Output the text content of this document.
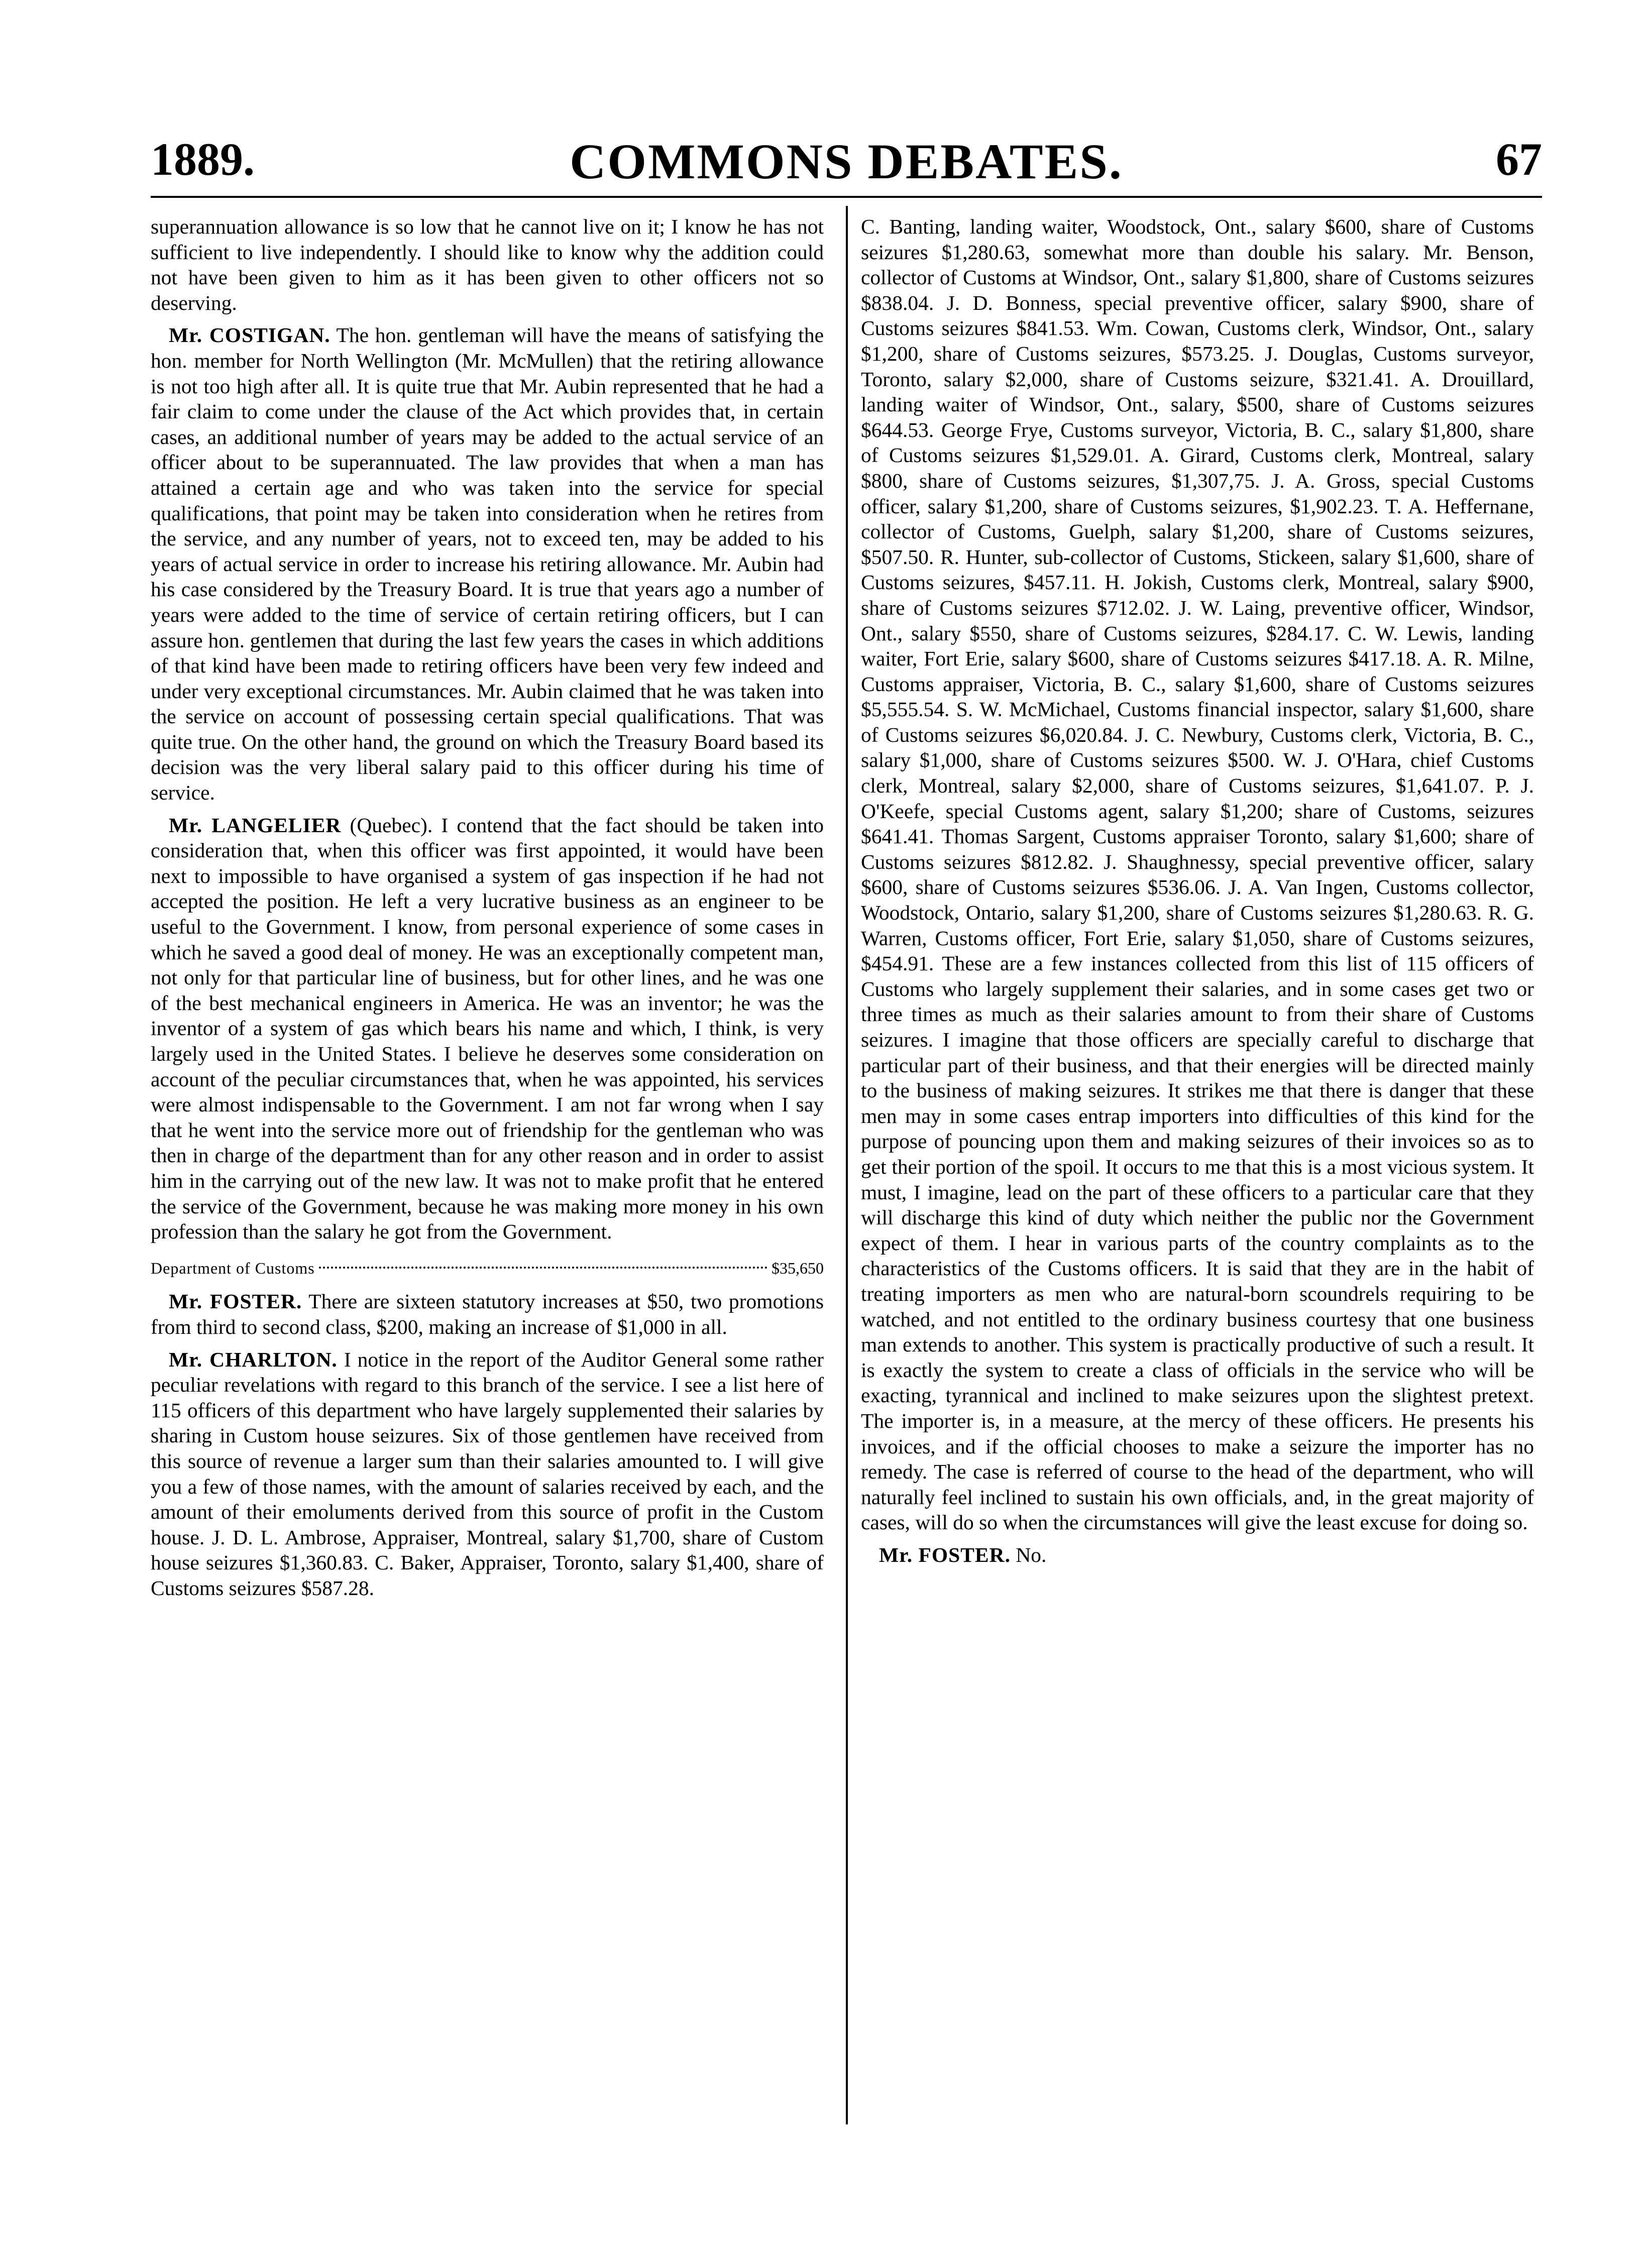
1889.	COMMONS DEBATES.	67

superannuation allowance is so low that he cannot live on it; I know he has not sufficient to live independently. I should like to know why the addition could not have been given to him as it has been given to other officers not so deserving.

Mr. COSTIGAN. The hon. gentleman will have the means of satisfying the hon. member for North Wellington (Mr. McMullen) that the retiring allowance is not too high after all. It is quite true that Mr. Aubin represented that he had a fair claim to come under the clause of the Act which provides that, in certain cases, an additional number of years may be added to the actual service of an officer about to be superannuated. The law provides that when a man has attained a certain age and who was taken into the service for special qualifications, that point may be taken into consideration when he retires from the service, and any number of years, not to exceed ten, may be added to his years of actual service in order to increase his retiring allowance. Mr. Aubin had his case considered by the Treasury Board. It is true that years ago a number of years were added to the time of service of certain retiring officers, but I can assure hon. gentlemen that during the last few years the cases in which additions of that kind have been made to retiring officers have been very few indeed and under very exceptional circumstances. Mr. Aubin claimed that he was taken into the service on account of possessing certain special qualifications. That was quite true. On the other hand, the ground on which the Treasury Board based its decision was the very liberal salary paid to this officer during his time of service.

Mr. LANGELIER (Quebec). I contend that the fact should be taken into consideration that, when this officer was first appointed, it would have been next to impossible to have organised a system of gas inspection if he had not accepted the position. He left a very lucrative business as an engineer to be useful to the Government. I know, from personal experience of some cases in which he saved a good deal of money. He was an exceptionally competent man, not only for that particular line of business, but for other lines, and he was one of the best mechanical engineers in America. He was an inventor; he was the inventor of a system of gas which bears his name and which, I think, is very largely used in the United States. I believe he deserves some consideration on account of the peculiar circumstances that, when he was appointed, his services were almost indispensable to the Government. I am not far wrong when I say that he went into the service more out of friendship for the gentleman who was then in charge of the department than for any other reason and in order to assist him in the carrying out of the new law. It was not to make profit that he entered the service of the Government, because he was making more money in his own profession than the salary he got from the Government.

Department of Customs	$35,650

Mr. FOSTER. There are sixteen statutory increases at $50, two promotions from third to second class, $200, making an increase of $1,000 in all.

Mr. CHARLTON. I notice in the report of the Auditor General some rather peculiar revelations with regard to this branch of the service. I see a list here of 115 officers of this department who have largely supplemented their salaries by sharing in Custom house seizures. Six of those gentlemen have received from this source of revenue a larger sum than their salaries amounted to. I will give you a few of those names, with the amount of salaries received by each, and the amount of their emoluments derived from this source of profit in the Custom house. J. D. L. Ambrose, Appraiser, Montreal, salary $1,700, share of Custom house seizures $1,360.83. C. Baker, Appraiser, Toronto, salary $1,400, share of Customs seizures $587.28.

C. Banting, landing waiter, Woodstock, Ont., salary $600, share of Customs seizures $1,280.63, somewhat more than double his salary. Mr. Benson, collector of Customs at Windsor, Ont., salary $1,800, share of Customs seizures $838.04. J. D. Bonness, special preventive officer, salary $900, share of Customs seizures $841.53. Wm. Cowan, Customs clerk, Windsor, Ont., salary $1,200, share of Customs seizures, $573.25. J. Douglas, Customs surveyor, Toronto, salary $2,000, share of Customs seizure, $321.41. A. Drouillard, landing waiter of Windsor, Ont., salary, $500, share of Customs seizures $644.53. George Frye, Customs surveyor, Victoria, B. C., salary $1,800, share of Customs seizures $1,529.01. A. Girard, Customs clerk, Montreal, salary $800, share of Customs seizures, $1,307,75. J. A. Gross, special Customs officer, salary $1,200, share of Customs seizures, $1,902.23. T. A. Heffernane, collector of Customs, Guelph, salary $1,200, share of Customs seizures, $507.50. R. Hunter, sub-collector of Customs, Stickeen, salary $1,600, share of Customs seizures, $457.11. H. Jokish, Customs clerk, Montreal, salary $900, share of Customs seizures $712.02. J. W. Laing, preventive officer, Windsor, Ont., salary $550, share of Customs seizures, $284.17. C. W. Lewis, landing waiter, Fort Erie, salary $600, share of Customs seizures $417.18. A. R. Milne, Customs appraiser, Victoria, B. C., salary $1,600, share of Customs seizures $5,555.54. S. W. McMichael, Customs financial inspector, salary $1,600, share of Customs seizures $6,020.84. J. C. Newbury, Customs clerk, Victoria, B. C., salary $1,000, share of Customs seizures $500. W. J. O'Hara, chief Customs clerk, Montreal, salary $2,000, share of Customs seizures, $1,641.07. P. J. O'Keefe, special Customs agent, salary $1,200; share of Customs, seizures $641.41. Thomas Sargent, Customs appraiser Toronto, salary $1,600; share of Customs seizures $812.82. J. Shaughnessy, special preventive officer, salary $600, share of Customs seizures $536.06. J. A. Van Ingen, Customs collector, Woodstock, Ontario, salary $1,200, share of Customs seizures $1,280.63. R. G. Warren, Customs officer, Fort Erie, salary $1,050, share of Customs seizures, $454.91. These are a few instances collected from this list of 115 officers of Customs who largely supplement their salaries, and in some cases get two or three times as much as their salaries amount to from their share of Customs seizures. I imagine that those officers are specially careful to discharge that particular part of their business, and that their energies will be directed mainly to the business of making seizures. It strikes me that there is danger that these men may in some cases entrap importers into difficulties of this kind for the purpose of pouncing upon them and making seizures of their invoices so as to get their portion of the spoil. It occurs to me that this is a most vicious system. It must, I imagine, lead on the part of these officers to a particular care that they will discharge this kind of duty which neither the public nor the Government expect of them. I hear in various parts of the country complaints as to the characteristics of the Customs officers. It is said that they are in the habit of treating importers as men who are natural-born scoundrels requiring to be watched, and not entitled to the ordinary business courtesy that one business man extends to another. This system is practically productive of such a result. It is exactly the system to create a class of officials in the service who will be exacting, tyrannical and inclined to make seizures upon the slightest pretext. The importer is, in a measure, at the mercy of these officers. He presents his invoices, and if the official chooses to make a seizure the importer has no remedy. The case is referred of course to the head of the department, who will naturally feel inclined to sustain his own officials, and, in the great majority of cases, will do so when the circumstances will give the least excuse for doing so.

Mr. FOSTER. No.
